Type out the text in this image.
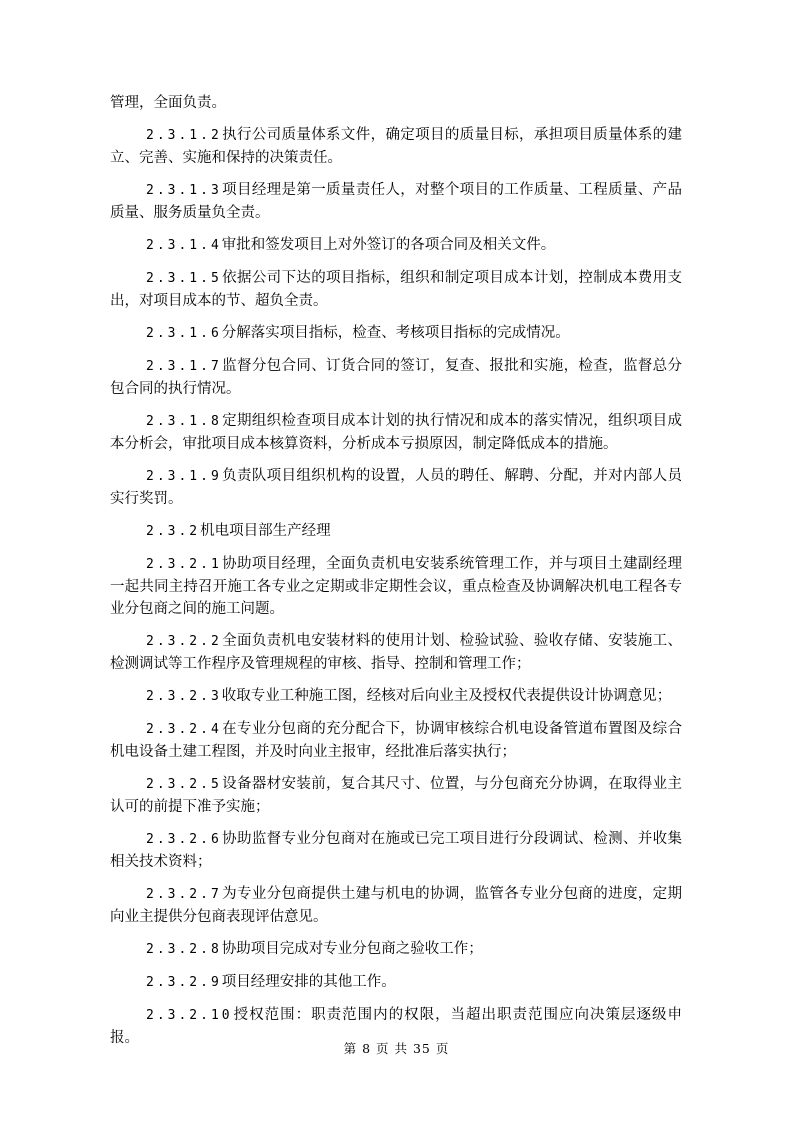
管理，全面负责。

2.3.1.2执行公司质量体系文件，确定项目的质量目标，承担项目质量体系的建立、完善、实施和保持的决策责任。

2.3.1.3项目经理是第一质量责任人，对整个项目的工作质量、工程质量、产品质量、服务质量负全责。

2.3.1.4审批和签发项目上对外签订的各项合同及相关文件。

2.3.1.5依据公司下达的项目指标，组织和制定项目成本计划，控制成本费用支出，对项目成本的节、超负全责。

2.3.1.6分解落实项目指标，检查、考核项目指标的完成情况。

2.3.1.7监督分包合同、订货合同的签订，复查、报批和实施，检查，监督总分包合同的执行情况。

2.3.1.8定期组织检查项目成本计划的执行情况和成本的落实情况，组织项目成本分析会，审批项目成本核算资料，分析成本亏损原因，制定降低成本的措施。

2.3.1.9负责队项目组织机构的设置，人员的聘任、解聘、分配，并对内部人员实行奖罚。

2.3.2机电项目部生产经理

2.3.2.1协助项目经理，全面负责机电安装系统管理工作，并与项目土建副经理一起共同主持召开施工各专业之定期或非定期性会议，重点检查及协调解决机电工程各专业分包商之间的施工问题。

2.3.2.2全面负责机电安装材料的使用计划、检验试验、验收存储、安装施工、检测调试等工作程序及管理规程的审核、指导、控制和管理工作；

2.3.2.3收取专业工种施工图，经核对后向业主及授权代表提供设计协调意见；

2.3.2.4在专业分包商的充分配合下，协调审核综合机电设备管道布置图及综合机电设备土建工程图，并及时向业主报审，经批准后落实执行；

2.3.2.5设备器材安装前，复合其尺寸、位置，与分包商充分协调，在取得业主认可的前提下准予实施；

2.3.2.6协助监督专业分包商对在施或已完工项目进行分段调试、检测、并收集相关技术资料；

2.3.2.7为专业分包商提供土建与机电的协调，监管各专业分包商的进度，定期向业主提供分包商表现评估意见。

2.3.2.8协助项目完成对专业分包商之验收工作；

2.3.2.9项目经理安排的其他工作。

2.3.2.10授权范围：职责范围内的权限，当超出职责范围应向决策层逐级申报。

第 8 页 共 35 页
